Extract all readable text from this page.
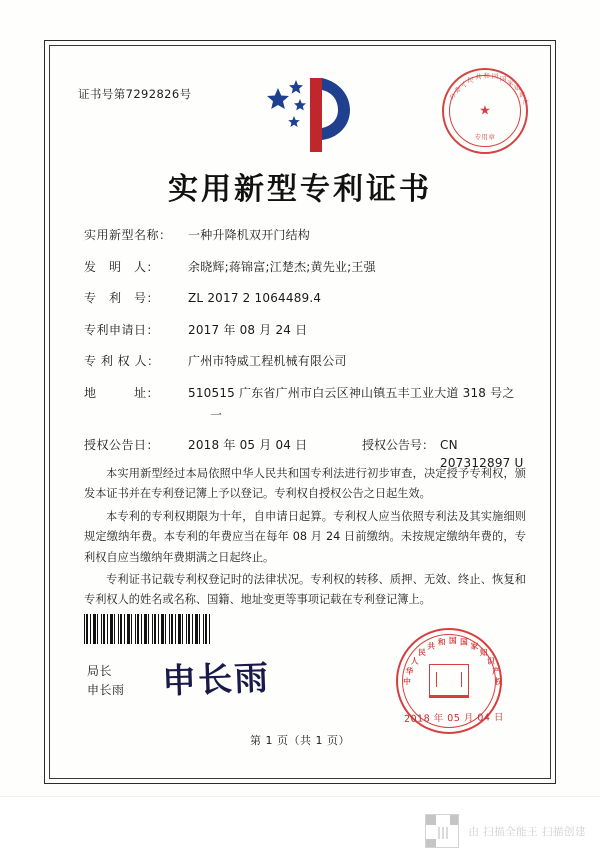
证书号第7292826号
★
中
华
人
民 共 和 国 国
家
知
识
产
专用章
实用新型专利证书
实用新型名称：	一种升降机双开门结构
发　明　人：	余晓辉;蒋锦富;江楚杰;黄先业;王强
专　利　号：	ZL 2017 2 1064489.4
专利申请日：	2017 年 08 月 24 日
专 利 权 人：	广州市特威工程机械有限公司
地　　　址：	510515 广东省广州市白云区神山镇五丰工业大道 318 号之
一
授权公告日：	2018 年 05 月 04 日	授权公告号： CN 207312897 U

本实用新型经过本局依照中华人民共和国专利法进行初步审查，决定授予专利权，颁发本证书并在专利登记簿上予以登记。专利权自授权公告之日起生效。

本专利的专利权期限为十年，自申请日起算。专利权人应当依照专利法及其实施细则规定缴纳年费。本专利的年费应当在每年 08 月 24 日前缴纳。未按规定缴纳年费的，专利权自应当缴纳年费期满之日起终止。

专利证书记载专利权登记时的法律状况。专利权的转移、质押、无效、终止、恢复和专利权人的姓名或名称、国籍、地址变更等事项记载在专利登记簿上。

局长
申长雨 申长雨	中
华
人
民
共 和 国 国 家
知
识
产
权
2018 年 05 月 04 日
第 1 页（共 1 页）
由 扫描全能王 扫描创建
